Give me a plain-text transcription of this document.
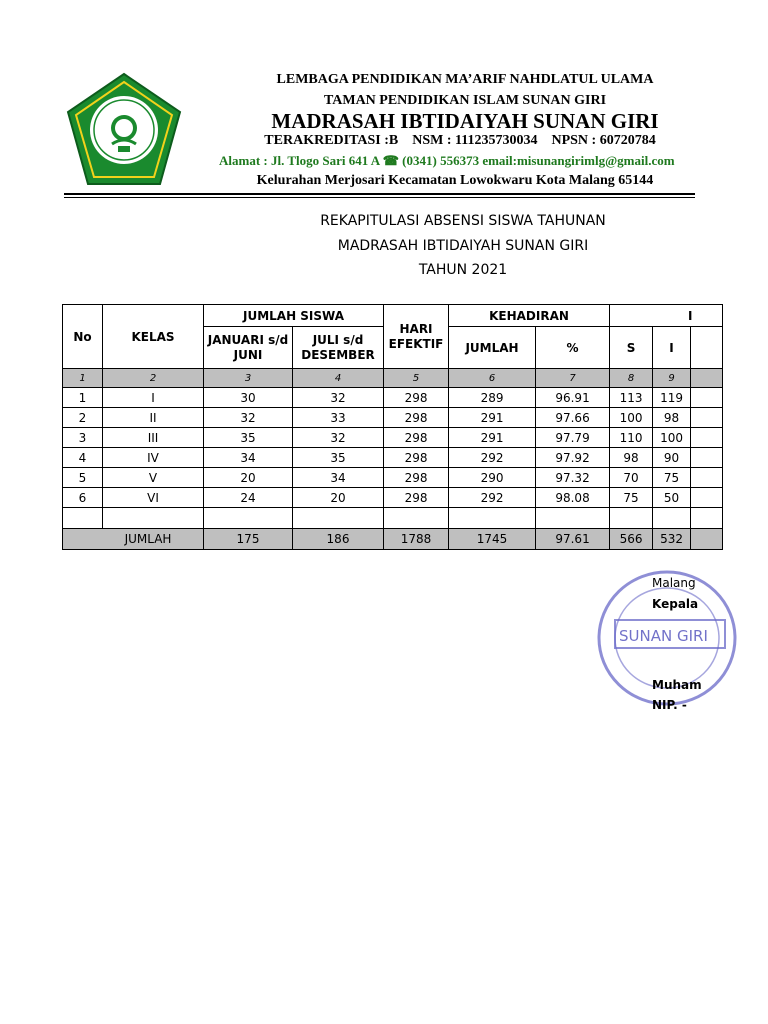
LEMBAGA PENDIDIKAN MA’ARIF NAHDLATUL ULAMA
TAMAN PENDIDIKAN ISLAM SUNAN GIRI
MADRASAH IBTIDAIYAH SUNAN GIRI
TERAKREDITASI :B NSM : 111235730034 NPSN : 60720784
Alamat : Jl. Tlogo Sari 641 A ☎ (0341) 556373 email:misunangirimlg@gmail.com
Kelurahan Merjosari Kecamatan Lowokwaru Kota Malang 65144
REKAPITULASI ABSENSI SISWA TAHUNAN
MADRASAH IBTIDAIYAH SUNAN GIRI
TAHUN 2021
No	KELAS	JUMLAH SISWA		HARI EFEKTIF	KEHADIRAN		I		
		JANUARI s/d JUNI	JULI s/d DESEMBER		JUMLAH	%	S	I	
1	2	3	4	5	6	7	8	9	
1	I	30	32	298	289	96.91	113	119	
2	II	32	33	298	291	97.66	100	98	
3	III	35	32	298	291	97.79	110	100	
4	IV	34	35	298	292	97.92	98	90	
5	V	20	34	298	290	97.32	70	75	
6	VI	24	20	298	292	98.08	75	50	

JUMLAH		175	186	1788	1745	97.61	566	532	
SUNAN GIRI
Malang
Kepala
Muham
NIP. -
